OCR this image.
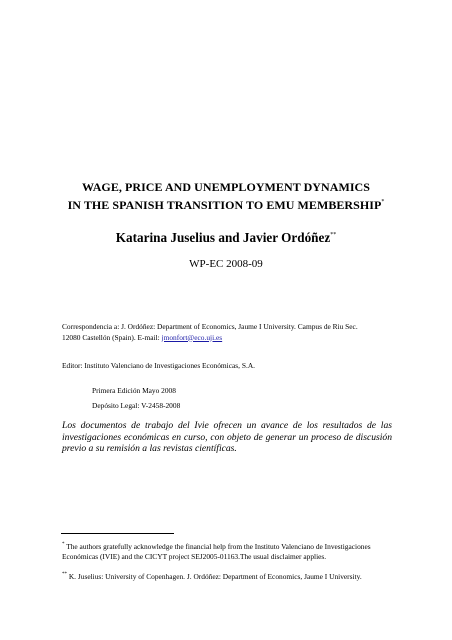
WAGE, PRICE AND UNEMPLOYMENT DYNAMICS
IN THE SPANISH TRANSITION TO EMU MEMBERSHIP*
Katarina Juselius and Javier Ordóñez**
WP-EC 2008-09
Correspondencia a: J. Ordóñez: Department of Economics, Jaume I University. Campus de Riu Sec.
12080 Castellón (Spain). E-mail: jmonfort@eco.uji.es
Editor: Instituto Valenciano de Investigaciones Económicas, S.A.
Primera Edición Mayo 2008
Depósito Legal: V-2458-2008
Los documentos de trabajo del Ivie ofrecen un avance de los resultados de las
investigaciones económicas en curso, con objeto de generar un proceso de discusión
previo a su remisión a las revistas científicas.
* The authors gratefully acknowledge the financial help from the Instituto Valenciano de Investigaciones
Económicas (IVIE) and the CICYT project SEJ2005-01163.The usual disclaimer applies.
** K. Juselius: University of Copenhagen. J. Ordóñez: Department of Economics, Jaume I University.
